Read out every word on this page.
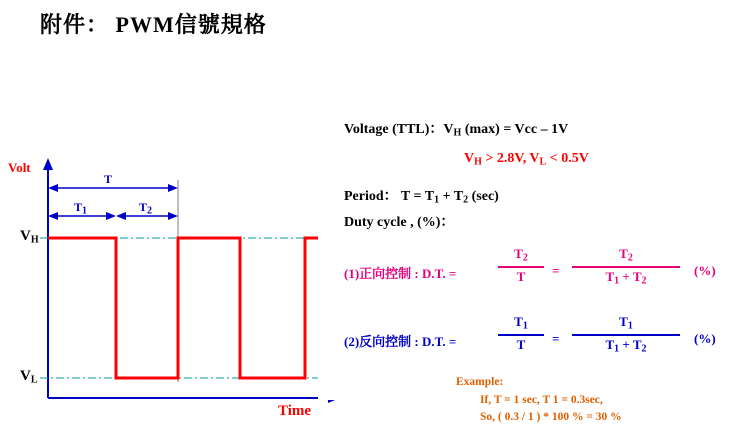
附件： PWM信號規格
Volt
Time
$V_H$
$V_L$
T
$T_1$	$T_2$
Voltage (TTL)：$V_H$ (max) = Vcc – 1V
$V_H > 2.8V$, $V_L < 0.5V$
Period： $T = T_1 + T_2$ (sec)
Duty cycle , (%)：
(1)正向控制 : D.T. =
$T_2$
T	=
$T_2$
$T_1 + T_2$
(%)
(2)反向控制 : D.T. =
$T_1$
T	=
$T_1$
$T_1 + T_2$
(%)
Example:
If, T = 1 sec, T 1 = 0.3sec,
So, ( 0.3 / 1 ) * 100 % = 30 %
